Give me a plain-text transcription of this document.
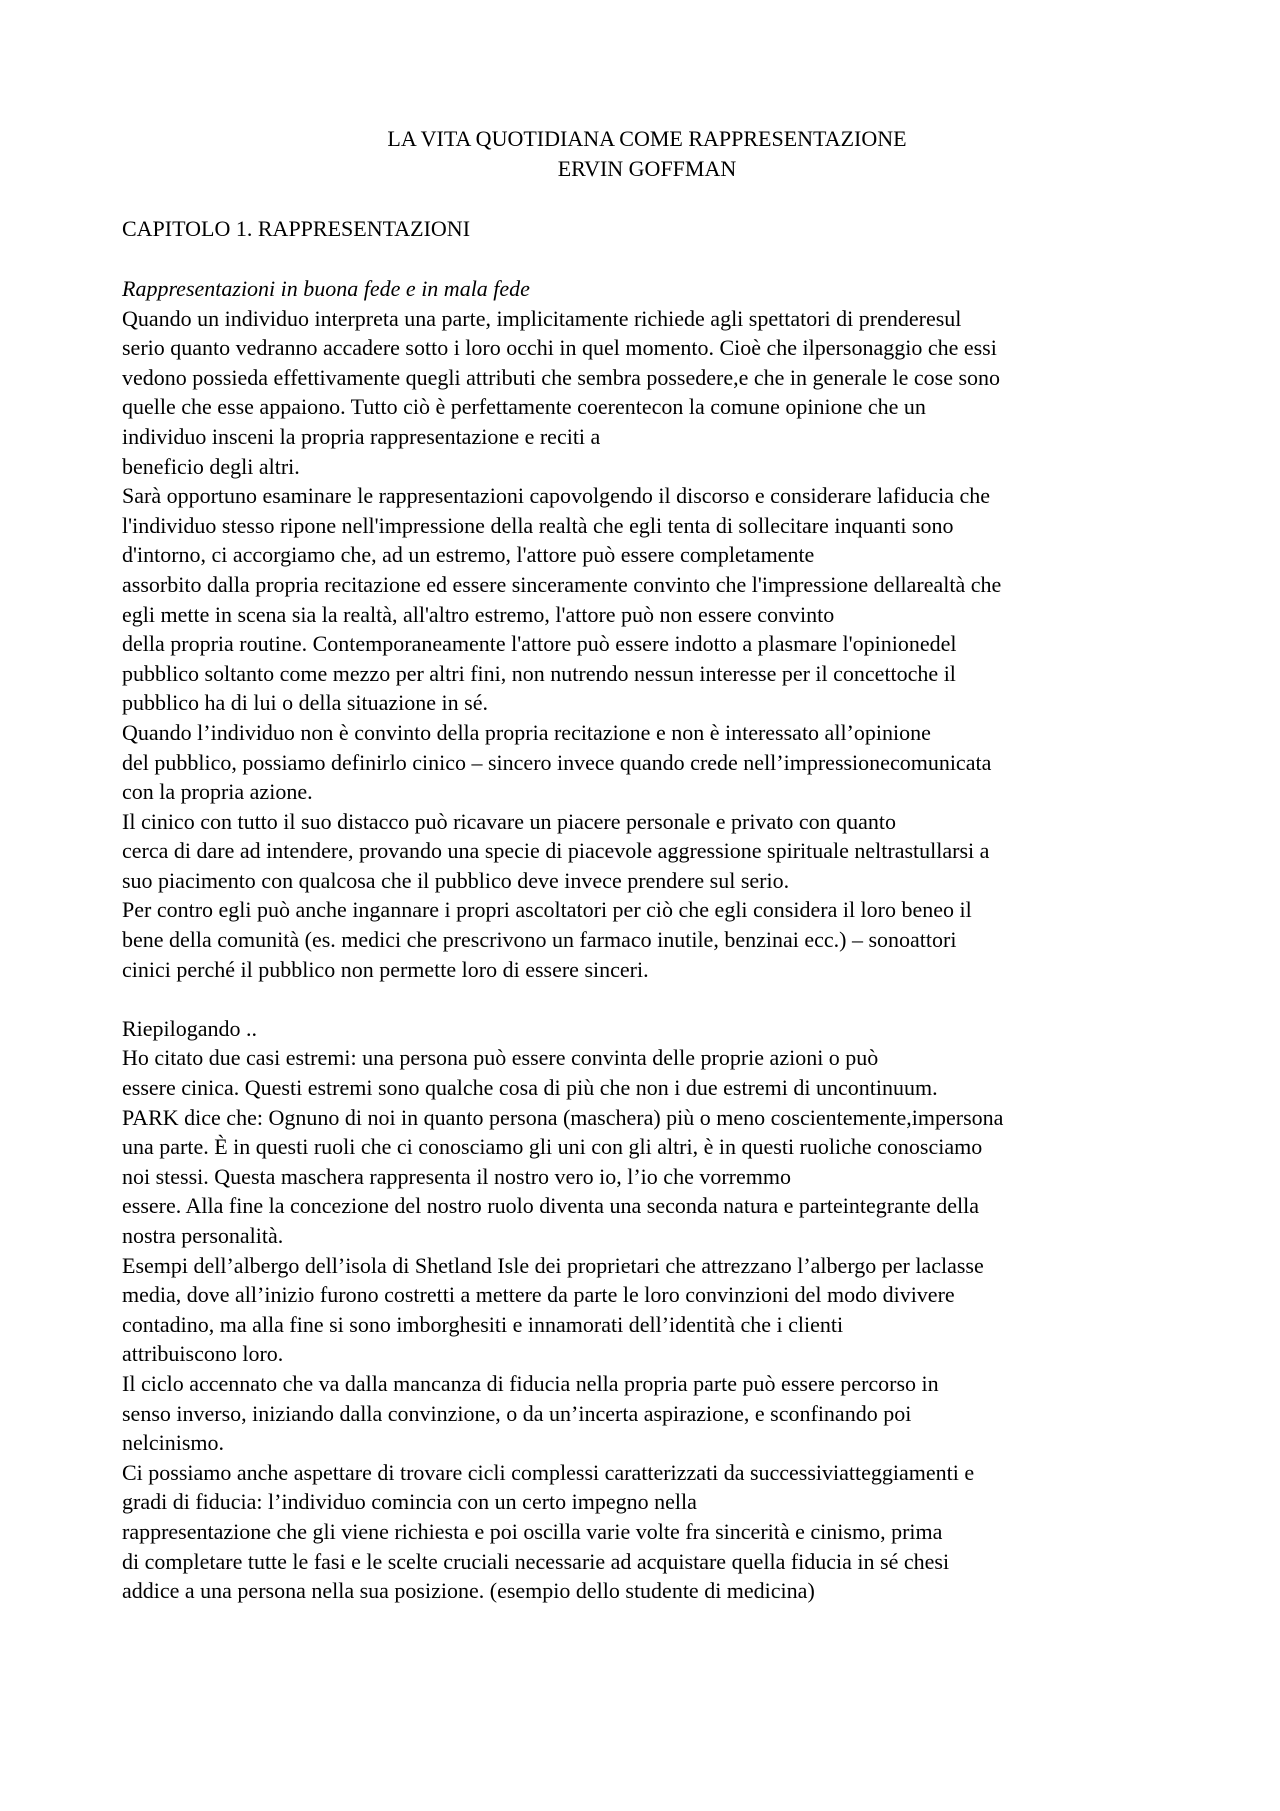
LA VITA QUOTIDIANA COME RAPPRESENTAZIONE

ERVIN GOFFMAN

CAPITOLO 1. RAPPRESENTAZIONI

Rappresentazioni in buona fede e in mala fede
Quando un individuo interpreta una parte, implicitamente richiede agli spettatori di prenderesul
serio quanto vedranno accadere sotto i loro occhi in quel momento. Cioè che ilpersonaggio che essi
vedono possieda effettivamente quegli attributi che sembra possedere,e che in generale le cose sono
quelle che esse appaiono. Tutto ciò è perfettamente coerentecon la comune opinione che un
individuo insceni la propria rappresentazione e reciti a
beneficio degli altri.
Sarà opportuno esaminare le rappresentazioni capovolgendo il discorso e considerare lafiducia che
l'individuo stesso ripone nell'impressione della realtà che egli tenta di sollecitare inquanti sono
d'intorno, ci accorgiamo che, ad un estremo, l'attore può essere completamente
assorbito dalla propria recitazione ed essere sinceramente convinto che l'impressione dellarealtà che
egli mette in scena sia la realtà, all'altro estremo, l'attore può non essere convinto
della propria routine. Contemporaneamente l'attore può essere indotto a plasmare l'opinionedel
pubblico soltanto come mezzo per altri fini, non nutrendo nessun interesse per il concettoche il
pubblico ha di lui o della situazione in sé.
Quando l’individuo non è convinto della propria recitazione e non è interessato all’opinione
del pubblico, possiamo definirlo cinico – sincero invece quando crede nell’impressionecomunicata
con la propria azione.
Il cinico con tutto il suo distacco può ricavare un piacere personale e privato con quanto
cerca di dare ad intendere, provando una specie di piacevole aggressione spirituale neltrastullarsi a
suo piacimento con qualcosa che il pubblico deve invece prendere sul serio.
Per contro egli può anche ingannare i propri ascoltatori per ciò che egli considera il loro beneo il
bene della comunità (es. medici che prescrivono un farmaco inutile, benzinai ecc.) – sonoattori
cinici perché il pubblico non permette loro di essere sinceri.
Riepilogando ..
Ho citato due casi estremi: una persona può essere convinta delle proprie azioni o può
essere cinica. Questi estremi sono qualche cosa di più che non i due estremi di uncontinuum.
PARK dice che: Ognuno di noi in quanto persona (maschera) più o meno coscientemente,impersona
una parte. È in questi ruoli che ci conosciamo gli uni con gli altri, è in questi ruoliche conosciamo
noi stessi. Questa maschera rappresenta il nostro vero io, l’io che vorremmo
essere. Alla fine la concezione del nostro ruolo diventa una seconda natura e parteintegrante della
nostra personalità.
Esempi dell’albergo dell’isola di Shetland Isle dei proprietari che attrezzano l’albergo per laclasse
media, dove all’inizio furono costretti a mettere da parte le loro convinzioni del modo divivere
contadino, ma alla fine si sono imborghesiti e innamorati dell’identità che i clienti
attribuiscono loro.
Il ciclo accennato che va dalla mancanza di fiducia nella propria parte può essere percorso in
senso inverso, iniziando dalla convinzione, o da un’incerta aspirazione, e sconfinando poi
nelcinismo.
Ci possiamo anche aspettare di trovare cicli complessi caratterizzati da successiviatteggiamenti e
gradi di fiducia: l’individuo comincia con un certo impegno nella
rappresentazione che gli viene richiesta e poi oscilla varie volte fra sincerità e cinismo, prima
di completare tutte le fasi e le scelte cruciali necessarie ad acquistare quella fiducia in sé chesi
addice a una persona nella sua posizione. (esempio dello studente di medicina)
